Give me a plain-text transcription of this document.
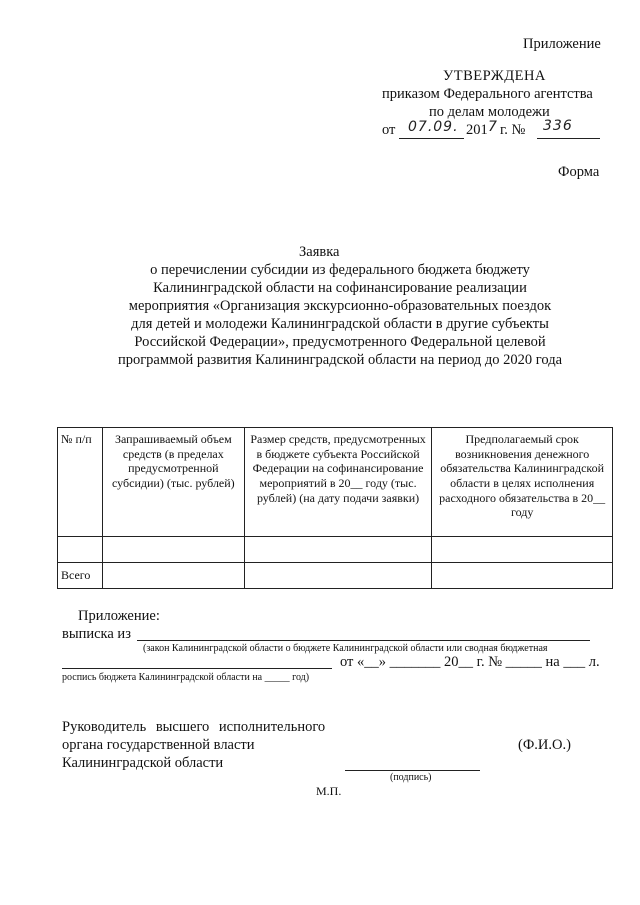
Приложение
УТВЕРЖДЕНА
приказом Федерального агентства
по делам молодежи
от 07.09. 201 7 г. № 336
Форма
Заявка
о перечислении субсидии из федерального бюджета бюджету
Калининградской области на софинансирование реализации
мероприятия «Организация экскурсионно-образовательных поездок
для детей и молодежи Калининградской области в другие субъекты
Российской Федерации», предусмотренного Федеральной целевой
программой развития Калининградской области на период до 2020 года
№ п/п	Запрашиваемый объем средств (в пределах предусмотренной субсидии) (тыс. рублей)	Размер средств, предусмотренных в бюджете субъекта Российской Федерации на софинансирование мероприятий в 20__ году (тыс. рублей) (на дату подачи заявки)	Предполагаемый срок возникновения денежного обязательства Калининградской области в целях исполнения расходного обязательства в 20__ году

Всего			
Приложение:
выписка из
(закон Калининградской области о бюджете Калининградской области или сводная бюджетная
от «__» _______ 20__ г. № _____ на ___ л.
роспись бюджета Калининградской области на _____ год)
Руководитель высшего исполнительного
органа государственной власти
Калининградской области
(Ф.И.О.)
(подпись)
М.П.
